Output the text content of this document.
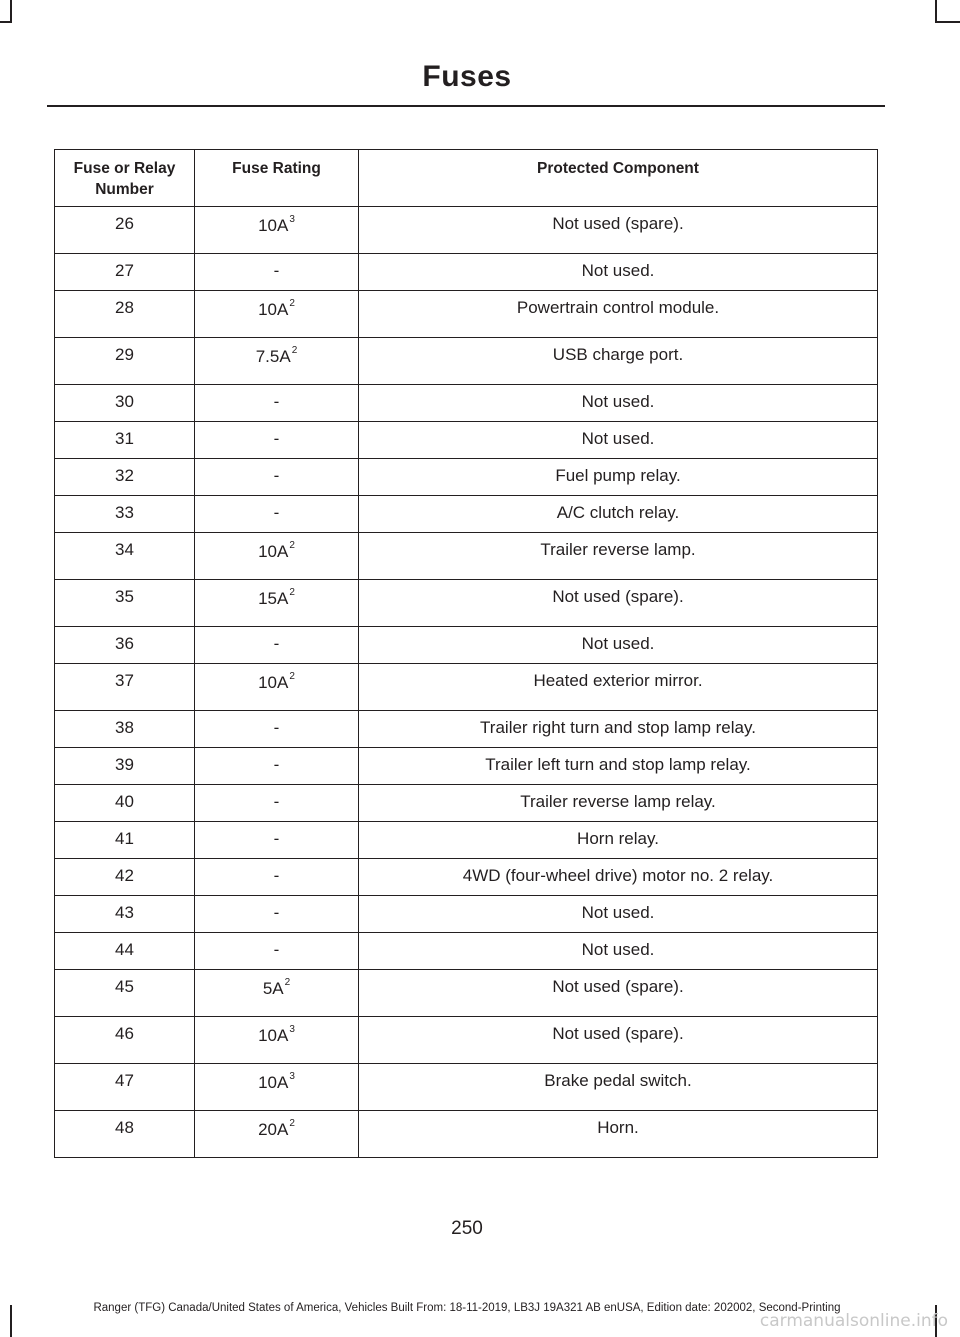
Fuses
Fuse or Relay Number	Fuse Rating	Protected Component
26	$10A^3$	Not used (spare).
27	-	Not used.
28	$10A^2$	Powertrain control module.
29	$7.5A^2$	USB charge port.
30	-	Not used.
31	-	Not used.
32	-	Fuel pump relay.
33	-	A/C clutch relay.
34	$10A^2$	Trailer reverse lamp.
35	$15A^2$	Not used (spare).
36	-	Not used.
37	$10A^2$	Heated exterior mirror.
38	-	Trailer right turn and stop lamp relay.
39	-	Trailer left turn and stop lamp relay.
40	-	Trailer reverse lamp relay.
41	-	Horn relay.
42	-	4WD (four-wheel drive) motor no. 2 relay.
43	-	Not used.
44	-	Not used.
45	$5A^2$	Not used (spare).
46	$10A^3$	Not used (spare).
47	$10A^3$	Brake pedal switch.
48	$20A^2$	Horn.
250
Ranger (TFG) Canada/United States of America, Vehicles Built From: 18-11-2019, LB3J 19A321 AB enUSA, Edition date: 202002, Second-Printing
carmanualsonline.info
